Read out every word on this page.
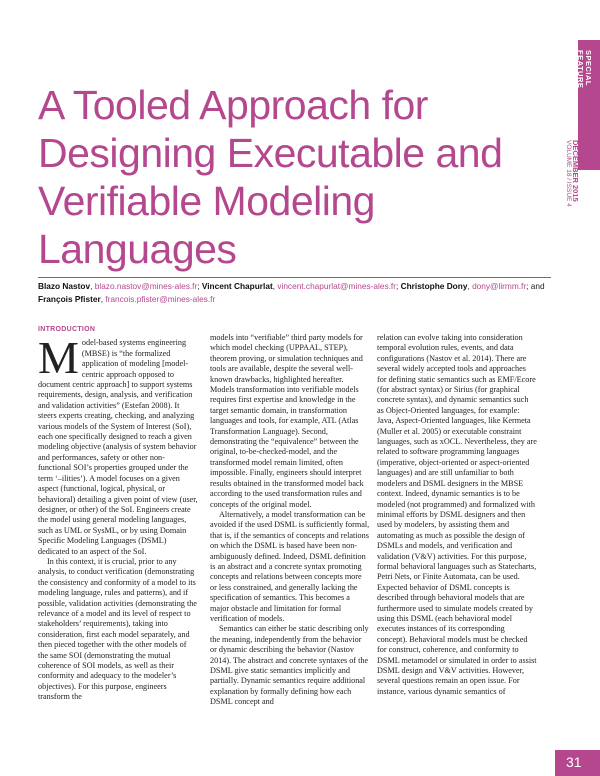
SPECIAL
FEATURE
DECEMBER 2015
VOLUME 18 / ISSUE 4
A Tooled Approach for Designing Executable and Verifiable Modeling Languages
Blazo Nastov, blazo.nastov@mines-ales.fr; Vincent Chapurlat, vincent.chapurlat@mines-ales.fr; Christophe Dony, dony@lirmm.fr; and François Pfister, francois.pfister@mines-ales.fr
INTRODUCTION

Model-based systems engineering (MBSE) is “the formalized application of modeling [model-centric approach opposed to document centric approach] to support systems requirements, design, analysis, and verification and validation activities” (Estefan 2008). It steers experts creating, checking, and analyzing various models of the System of Interest (SoI), each one specifically designed to reach a given modeling objective (analysis of system behavior and performances, safety or other non-functional SOI’s properties grouped under the term ‘–ilities’). A model focuses on a given aspect (functional, logical, physical, or behavioral) detailing a given point of view (user, designer, or other) of the SoI. Engineers create the model using general modeling languages, such as UML or SysML, or by using Domain Specific Modeling Languages (DSML) dedicated to an aspect of the SoI.

In this context, it is crucial, prior to any analysis, to conduct verification (demonstrating the consistency and conformity of a model to its modeling language, rules and patterns), and if possible, validation activities (demonstrating the relevance of a model and its level of respect to stakeholders’ requirements), taking into consideration, first each model separately, and then pieced together with the other models of the same SOI (demonstrating the mutual coherence of SOI models, as well as their conformity and adequacy to the modeler’s objectives). For this purpose, engineers transform the

models into “verifiable” third party models for which model checking (UPPAAL, STEP), theorem proving, or simulation techniques and tools are available, despite the several well-known drawbacks, highlighted hereafter. Models transformation into verifiable models requires first expertise and knowledge in the target semantic domain, in transformation languages and tools, for example, ATL (Atlas Transformation Language). Second, demonstrating the “equivalence” between the original, to-be-checked-model, and the transformed model remain limited, often impossible. Finally, engineers should interpret results obtained in the transformed model back according to the used transformation rules and concepts of the original model.

Alternatively, a model transformation can be avoided if the used DSML is sufficiently formal, that is, if the semantics of concepts and relations on which the DSML is based have been non-ambiguously defined. Indeed, DSML definition is an abstract and a concrete syntax promoting concepts and relations between concepts more or less constrained, and generally lacking the specification of semantics. This becomes a major obstacle and limitation for formal verification of models.

Semantics can either be static describing only the meaning, independently from the behavior or dynamic describing the behavior (Nastov 2014). The abstract and concrete syntaxes of the DSML give static semantics implicitly and partially. Dynamic semantics require additional explanation by formally defining how each DSML concept and

relation can evolve taking into consideration temporal evolution rules, events, and data configurations (Nastov et al. 2014). There are several widely accepted tools and approaches for defining static semantics such as EMF/Ecore (for abstract syntax) or Sirius (for graphical concrete syntax), and dynamic semantics such as Object-Oriented languages, for example: Java, Aspect-Oriented languages, like Kermeta (Muller et al. 2005) or executable constraint languages, such as xOCL. Nevertheless, they are related to software programming languages (imperative, object-oriented or aspect-oriented languages) and are still unfamiliar to both modelers and DSML designers in the MBSE context. Indeed, dynamic semantics is to be modeled (not programmed) and formalized with minimal efforts by DSML designers and then used by modelers, by assisting them and automating as much as possible the design of DSMLs and models, and verification and validation (V&V) activities. For this purpose, formal behavioral languages such as Statecharts, Petri Nets, or Finite Automata, can be used. Expected behavior of DSML concepts is described through behavioral models that are furthermore used to simulate models created by using this DSML (each behavioral model executes instances of its corresponding concept). Behavioral models must be checked for construct, coherence, and conformity to DSML metamodel or simulated in order to assist DSML design and V&V activities. However, several questions remain an open issue. For instance, various dynamic semantics of

31
